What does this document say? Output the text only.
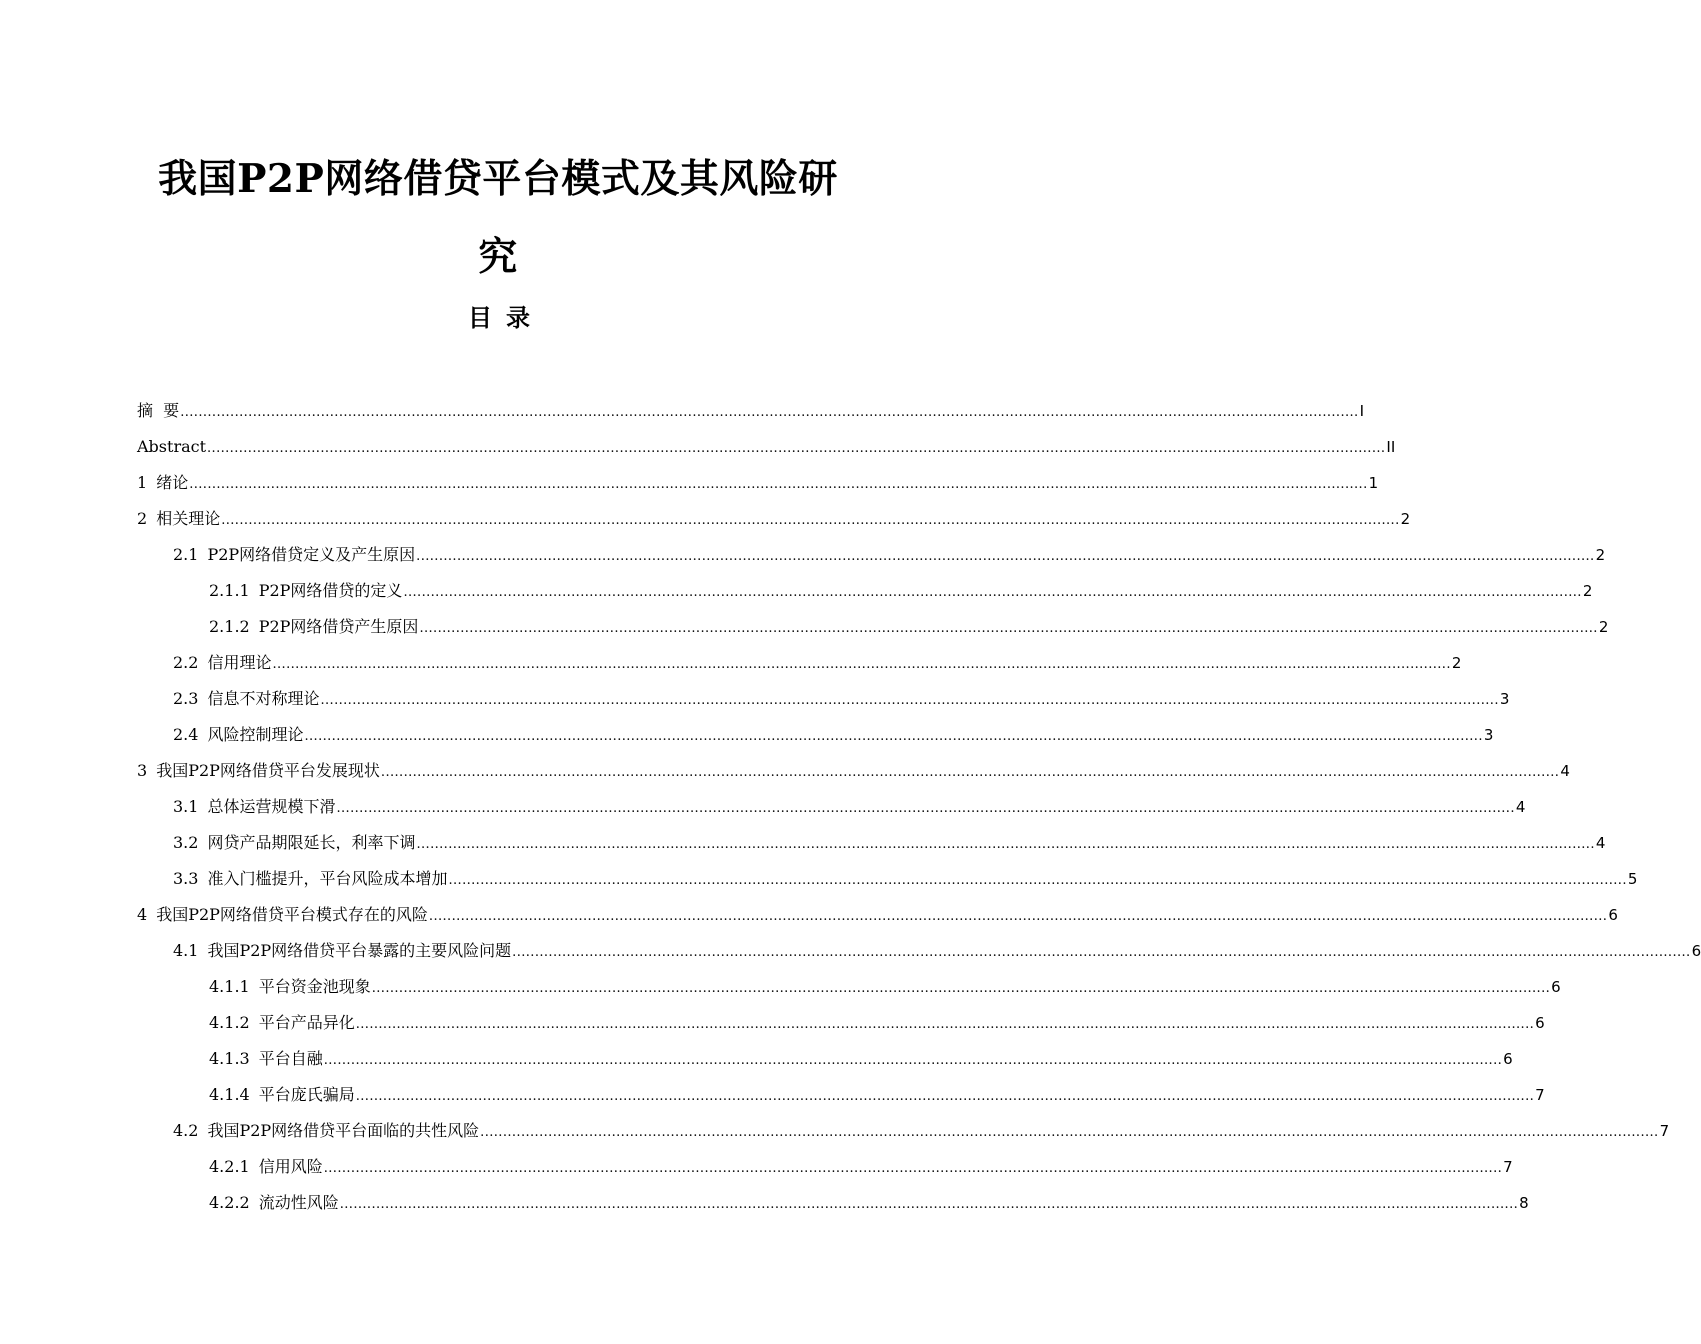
我国P2P网络借贷平台模式及其风险研
究
目 录
摘  要 .................................................................................................................................................................................................................................................................... I
Abstract .................................................................................................................................................................................................................................................................... II
1 绪论 .................................................................................................................................................................................................................................................................... 1
2 相关理论 .................................................................................................................................................................................................................................................................... 2
2.1 P2P网络借贷定义及产生原因 .................................................................................................................................................................................................................................................................... 2
2.1.1 P2P网络借贷的定义 .................................................................................................................................................................................................................................................................... 2
2.1.2 P2P网络借贷产生原因 .................................................................................................................................................................................................................................................................... 2
2.2 信用理论 .................................................................................................................................................................................................................................................................... 2
2.3 信息不对称理论 .................................................................................................................................................................................................................................................................... 3
2.4 风险控制理论 .................................................................................................................................................................................................................................................................... 3
3 我国P2P网络借贷平台发展现状 .................................................................................................................................................................................................................................................................... 4
3.1 总体运营规模下滑 .................................................................................................................................................................................................................................................................... 4
3.2 网贷产品期限延长，利率下调 .................................................................................................................................................................................................................................................................... 4
3.3 准入门槛提升，平台风险成本增加 .................................................................................................................................................................................................................................................................... 5
4 我国P2P网络借贷平台模式存在的风险 .................................................................................................................................................................................................................................................................... 6
4.1 我国P2P网络借贷平台暴露的主要风险问题 .................................................................................................................................................................................................................................................................... 6
4.1.1 平台资金池现象 .................................................................................................................................................................................................................................................................... 6
4.1.2 平台产品异化 .................................................................................................................................................................................................................................................................... 6
4.1.3 平台自融 .................................................................................................................................................................................................................................................................... 6
4.1.4 平台庞氏骗局 .................................................................................................................................................................................................................................................................... 7
4.2 我国P2P网络借贷平台面临的共性风险 .................................................................................................................................................................................................................................................................... 7
4.2.1 信用风险 .................................................................................................................................................................................................................................................................... 7
4.2.2 流动性风险 .................................................................................................................................................................................................................................................................... 8
